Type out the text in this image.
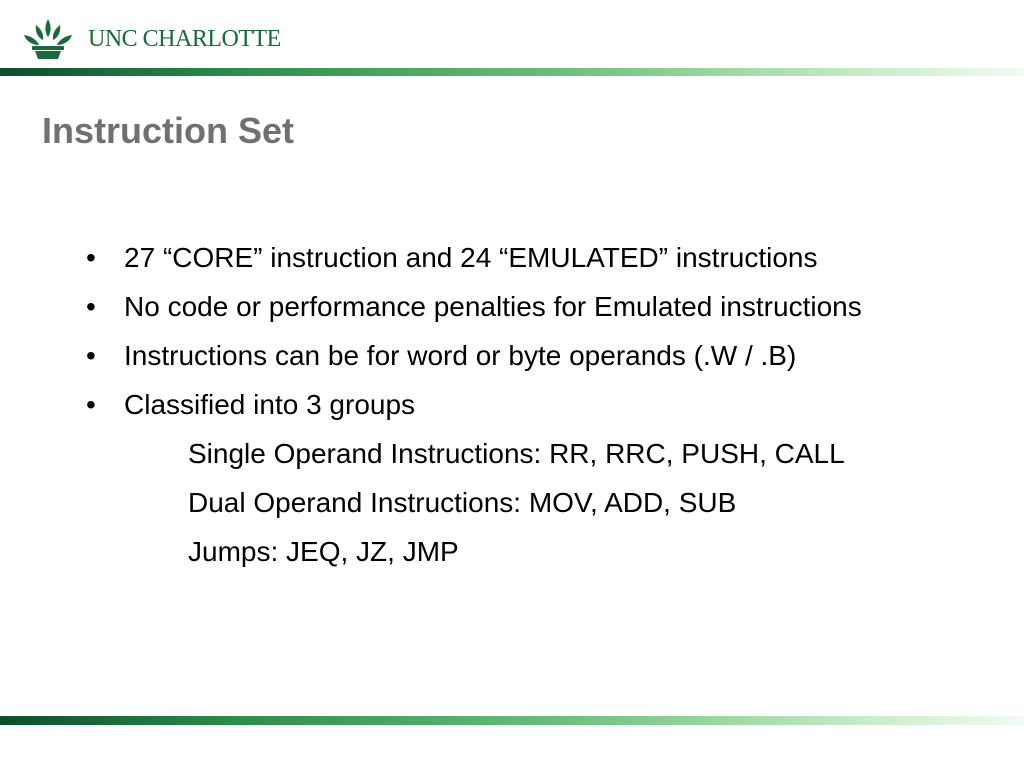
UNC CHARLOTTE
Instruction Set
• 27 “CORE” instruction and 24 “EMULATED” instructions
• No code or performance penalties for Emulated instructions
• Instructions can be for word or byte operands (.W / .B)
• Classified into 3 groups
Single Operand Instructions: RR, RRC, PUSH, CALL
Dual Operand Instructions: MOV, ADD, SUB
Jumps: JEQ, JZ, JMP
